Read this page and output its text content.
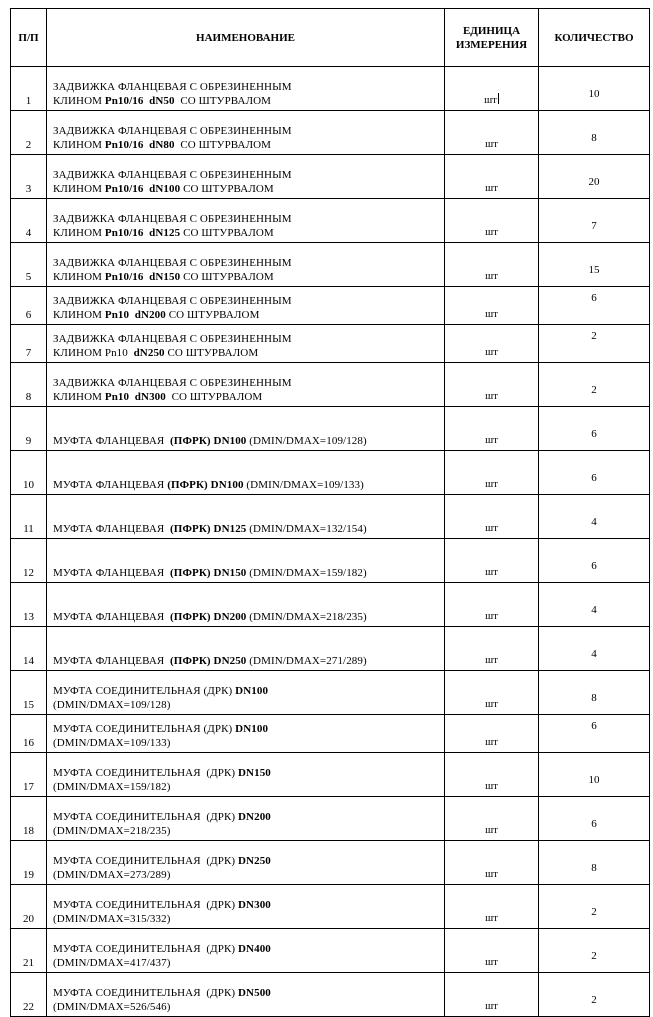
П/П	НАИМЕНОВАНИЕ	ЕДИНИЦА
ИЗМЕРЕНИЯ	КОЛИЧЕСТВО
1	ЗАДВИЖКА ФЛАНЦЕВАЯ С ОБРЕЗИНЕННЫМ
КЛИНОМ Pn10/16  dN50  СО ШТУРВАЛОМ	шт	10
2	ЗАДВИЖКА ФЛАНЦЕВАЯ С ОБРЕЗИНЕННЫМ
КЛИНОМ Pn10/16  dN80  СО ШТУРВАЛОМ	шт	8
3	ЗАДВИЖКА ФЛАНЦЕВАЯ С ОБРЕЗИНЕННЫМ
КЛИНОМ Pn10/16  dN100 СО ШТУРВАЛОМ	шт	20
4	ЗАДВИЖКА ФЛАНЦЕВАЯ С ОБРЕЗИНЕННЫМ
КЛИНОМ Pn10/16  dN125 СО ШТУРВАЛОМ	шт	7
5	ЗАДВИЖКА ФЛАНЦЕВАЯ С ОБРЕЗИНЕННЫМ
КЛИНОМ Pn10/16  dN150 СО ШТУРВАЛОМ	шт	15
6	ЗАДВИЖКА ФЛАНЦЕВАЯ С ОБРЕЗИНЕННЫМ
КЛИНОМ Pn10  dN200 СО ШТУРВАЛОМ	шт	6
7	ЗАДВИЖКА ФЛАНЦЕВАЯ С ОБРЕЗИНЕННЫМ
КЛИНОМ Pn10  dN250 СО ШТУРВАЛОМ	шт	2
8	ЗАДВИЖКА ФЛАНЦЕВАЯ С ОБРЕЗИНЕННЫМ
КЛИНОМ Pn10  dN300  СО ШТУРВАЛОМ	шт	2
9	МУФТА ФЛАНЦЕВАЯ  (ПФРК) DN100 (DMIN/DMAX=109/128)	шт	6
10	МУФТА ФЛАНЦЕВАЯ (ПФРК) DN100 (DMIN/DMAX=109/133)	шт	6
11	МУФТА ФЛАНЦЕВАЯ  (ПФРК) DN125 (DMIN/DMAX=132/154)	шт	4
12	МУФТА ФЛАНЦЕВАЯ  (ПФРК) DN150 (DMIN/DMAX=159/182)	шт	6
13	МУФТА ФЛАНЦЕВАЯ  (ПФРК) DN200 (DMIN/DMAX=218/235)	шт	4
14	МУФТА ФЛАНЦЕВАЯ  (ПФРК) DN250 (DMIN/DMAX=271/289)	шт	4
15	МУФТА СОЕДИНИТЕЛЬНАЯ (ДРК) DN100
(DMIN/DMAX=109/128)	шт	8
16	МУФТА СОЕДИНИТЕЛЬНАЯ (ДРК) DN100
(DMIN/DMAX=109/133)	шт	6
17	МУФТА СОЕДИНИТЕЛЬНАЯ  (ДРК) DN150
(DMIN/DMAX=159/182)	шт	10
18	МУФТА СОЕДИНИТЕЛЬНАЯ  (ДРК) DN200
(DMIN/DMAX=218/235)	шт	6
19	МУФТА СОЕДИНИТЕЛЬНАЯ  (ДРК) DN250
(DMIN/DMAX=273/289)	шт	8
20	МУФТА СОЕДИНИТЕЛЬНАЯ  (ДРК) DN300
(DMIN/DMAX=315/332)	шт	2
21	МУФТА СОЕДИНИТЕЛЬНАЯ  (ДРК) DN400
(DMIN/DMAX=417/437)	шт	2
22	МУФТА СОЕДИНИТЕЛЬНАЯ  (ДРК) DN500
(DMIN/DMAX=526/546)	шт	2
